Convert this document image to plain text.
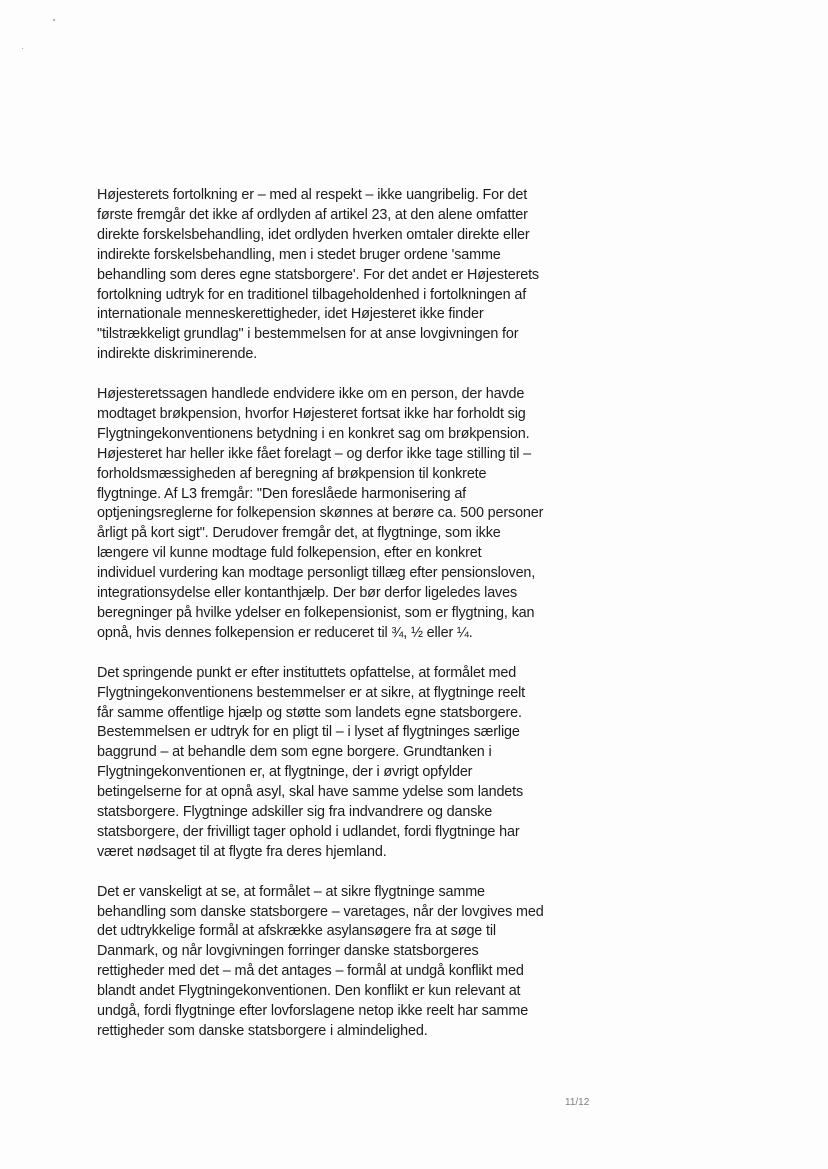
Højesterets fortolkning er – med al respekt – ikke uangribelig. For det
første fremgår det ikke af ordlyden af artikel 23, at den alene omfatter
direkte forskelsbehandling, idet ordlyden hverken omtaler direkte eller
indirekte forskelsbehandling, men i stedet bruger ordene 'samme
behandling som deres egne statsborgere'. For det andet er Højesterets
fortolkning udtryk for en traditionel tilbageholdenhed i fortolkningen af
internationale menneskerettigheder, idet Højesteret ikke finder
"tilstrækkeligt grundlag" i bestemmelsen for at anse lovgivningen for
indirekte diskriminerende.

Højesteretssagen handlede endvidere ikke om en person, der havde
modtaget brøkpension, hvorfor Højesteret fortsat ikke har forholdt sig
Flygtningekonventionens betydning i en konkret sag om brøkpension.
Højesteret har heller ikke fået forelagt – og derfor ikke tage stilling til –
forholdsmæssigheden af beregning af brøkpension til konkrete
flygtninge. Af L3 fremgår: "Den foreslåede harmonisering af
optjeningsreglerne for folkepension skønnes at berøre ca. 500 personer
årligt på kort sigt". Derudover fremgår det, at flygtninge, som ikke
længere vil kunne modtage fuld folkepension, efter en konkret
individuel vurdering kan modtage personligt tillæg efter pensionsloven,
integrationsydelse eller kontanthjælp. Der bør derfor ligeledes laves
beregninger på hvilke ydelser en folkepensionist, som er flygtning, kan
opnå, hvis dennes folkepension er reduceret til ¾, ½ eller ¼.

Det springende punkt er efter instituttets opfattelse, at formålet med
Flygtningekonventionens bestemmelser er at sikre, at flygtninge reelt
får samme offentlige hjælp og støtte som landets egne statsborgere.
Bestemmelsen er udtryk for en pligt til – i lyset af flygtninges særlige
baggrund – at behandle dem som egne borgere. Grundtanken i
Flygtningekonventionen er, at flygtninge, der i øvrigt opfylder
betingelserne for at opnå asyl, skal have samme ydelse som landets
statsborgere. Flygtninge adskiller sig fra indvandrere og danske
statsborgere, der frivilligt tager ophold i udlandet, fordi flygtninge har
været nødsaget til at flygte fra deres hjemland.

Det er vanskeligt at se, at formålet – at sikre flygtninge samme
behandling som danske statsborgere – varetages, når der lovgives med
det udtrykkelige formål at afskrække asylansøgere fra at søge til
Danmark, og når lovgivningen forringer danske statsborgeres
rettigheder med det – må det antages – formål at undgå konflikt med
blandt andet Flygtningekonventionen. Den konflikt er kun relevant at
undgå, fordi flygtninge efter lovforslagene netop ikke reelt har samme
rettigheder som danske statsborgere i almindelighed.

11/12
